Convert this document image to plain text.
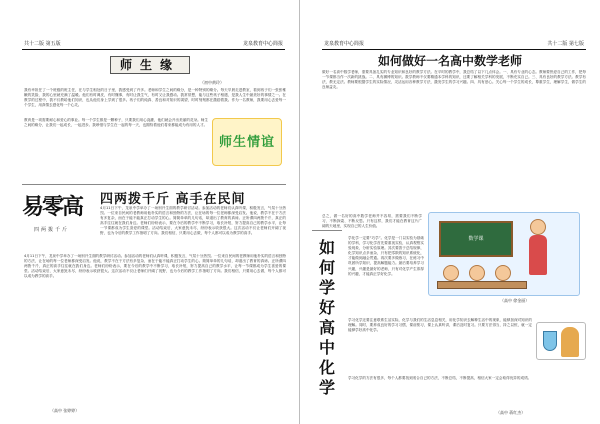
共十二版 第五版	龙泉教育中心简报
师生缘
（初中黄玲）
我有幸担任了一个班级的班主任，在与学生相处的日子里，我感受到了许多。老师和学生之间的缘分，是一种特别的缘分。每天早晨走进教室，看到孩子们一张张稚嫩的笑脸，我的心里就充满了温暖。他们有时调皮，有时懂事，有时让我生气，有时又让我感动。我常常想，能与这些孩子相遇，是我人生中最美好的事情之一。在教学的过程中，我不仅教给他们知识，也从他们身上学到了很多。孩子们的纯真、善良和对知识的渴望，时时刻刻都在激励着我。作为一名教师，我要用心去爱每一个学生，用真情去感化每一个心灵。
教育是一项需要耐心和爱心的事业。每一个学生都是一颗种子，只要我们用心浇灌，他们就会开出美丽的花朵。师生之间的缘分，让我们一起成长，一起进步。我珍惜与学生在一起的每一天，也期待着他们将来都能成为有用的人才。
师生情谊
易零高
四两拨千斤
四两拨千斤 高手在民间
4月11日下午，龙泉中学举办了一场别开生面的教学研讨活动。参加活动的老师们认真听课，积极发言，气氛十分热烈。一位来自民间的老教师用他朴实的语言和独特的方法，让在场的每一位老师都深受启发。他说，教学不在于方法有多复杂，而在于能不能真正打动学生的心。简简单单的几句话，却道出了教育的真谛。正所谓四两拨千斤，真正的高手往往就在我们身边。老师们纷纷表示，要在今后的教学中不断学习，取长补短，努力提高自己的教学水平，让每一节课都成为学生喜爱的课堂。活动结束后，大家意犹未尽，纷纷表示收获很大。这次活动不仅让老师们开阔了视野，也为今后的教学工作指明了方向。我们相信，只要用心去做，每个人都可以成为教学的高手。
4月11日下午，龙泉中学举办了一场别开生面的教学研讨活动。参加活动的老师们认真听课，积极发言，气氛十分热烈。一位来自民间的老教师用他朴实的语言和独特的方法，让在场的每一位老师都深受启发。他说，教学不在于方法有多复杂，而在于能不能真正打动学生的心。简简单单的几句话，却道出了教育的真谛。正所谓四两拨千斤，真正的高手往往就在我们身边。老师们纷纷表示，要在今后的教学中不断学习，取长补短，努力提高自己的教学水平，让每一节课都成为学生喜爱的课堂。活动结束后，大家意犹未尽，纷纷表示收获很大。这次活动不仅让老师们开阔了视野，也为今后的教学工作指明了方向。我们相信，只要用心去做，每个人都可以成为教学的高手。
（高中 张婷婷）
龙泉教育中心简报	共十二版 第七版
如何做好一名高中数学老师
做好一名高中数学老师，需要具备扎实的专业知识和良好的教学方法。在平时的教学中，我总结了以下几点体会。一、具有专业的心态。教师要热爱自己的工作，把每一节课都当作一次新的挑战。二、具有渊博的知识。数学教师不仅要精通本学科的知识，还要了解相关学科的发展，不断充实自己。三、具有良好的教学方法。教学有法，教无定法。教师要根据学生的实际情况，灵活运用各种教学方法，激发学生的学习兴趣。四、具有爱心。关心每一个学生的成长，尊重学生，理解学生，做学生的良师益友。
总之，做一名好的高中数学老师并不容易，需要我们不断学习、不断探索、不断反思。只有这样，我们才能在教育这片广阔的天地里，实现自己的人生价值。
数学课
（高中 徐金丽）
如何学好高中化学
学化学一定要“巧学”。化学是一门以实验为基础的学科，学习化学首先要重视实验，认真观察实验现象，分析实验原理。其次要善于总结规律，化学知识点多而杂，只有把零散的知识系统化，才能做到融会贯通。再次要多做练习，在练习中巩固所学知识，提高解题能力。最后要培养学习兴趣，兴趣是最好的老师，只有对化学产生浓厚的兴趣，才能真正学好化学。
学习化学还要注意联系生活实际，化学与我们的生活息息相关，用化学知识去解释生活中的现象，能够加深对知识的理解。同时，要养成良好的学习习惯，课前预习，课上认真听讲，课后及时复习。只要方法得当，持之以恒，就一定能够学好高中化学。
学习化学的方法有很多，每个人都要找到适合自己的方法，不断总结，不断提高，相信大家一定会取得优异的成绩。
（高中 蒋红杰）
